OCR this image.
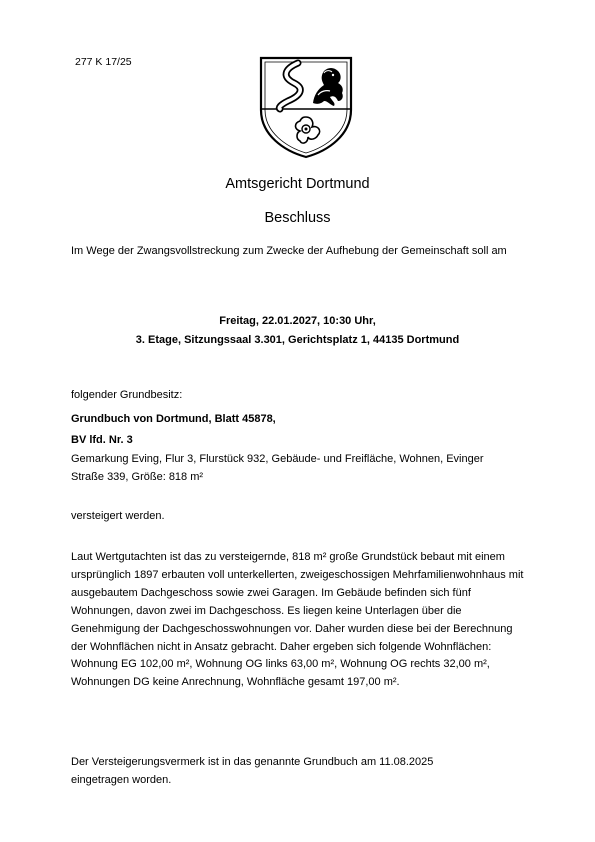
277 K 17/25
Amtsgericht Dortmund
Beschluss
Im Wege der Zwangsvollstreckung zum Zwecke der Aufhebung der Gemeinschaft soll am
Freitag, 22.01.2027, 10:30 Uhr,
3. Etage, Sitzungssaal 3.301, Gerichtsplatz 1, 44135 Dortmund
folgender Grundbesitz:
Grundbuch von Dortmund, Blatt 45878,
BV lfd. Nr. 3
Gemarkung Eving, Flur 3, Flurstück 932, Gebäude- und Freifläche, Wohnen, Evinger Straße 339, Größe: 818 m²
versteigert werden.
Laut Wertgutachten ist das zu versteigernde, 818 m² große Grundstück bebaut mit einem ursprünglich 1897 erbauten voll unterkellerten, zweigeschossigen Mehrfamilienwohnhaus mit ausgebautem Dachgeschoss sowie zwei Garagen. Im Gebäude befinden sich fünf Wohnungen, davon zwei im Dachgeschoss. Es liegen keine Unterlagen über die Genehmigung der Dachgeschosswohnungen vor. Daher wurden diese bei der Berechnung der Wohnflächen nicht in Ansatz gebracht. Daher ergeben sich folgende Wohnflächen: Wohnung EG 102,00 m², Wohnung OG links 63,00 m², Wohnung OG rechts 32,00 m², Wohnungen DG keine Anrechnung, Wohnfläche gesamt 197,00 m².
Der Versteigerungsvermerk ist in das genannte Grundbuch am 11.08.2025 eingetragen worden.
